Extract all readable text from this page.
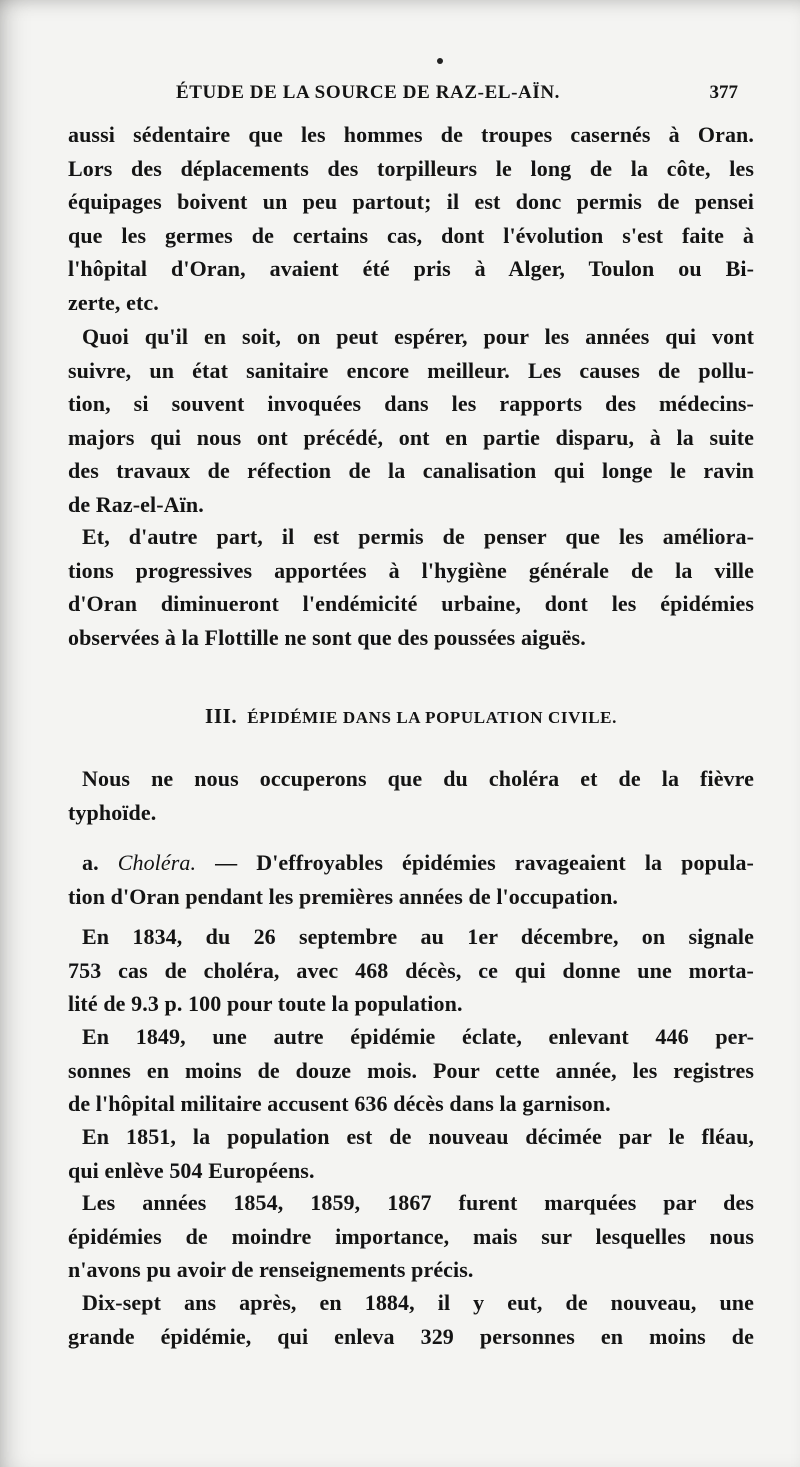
ÉTUDE DE LA SOURCE DE RAZ-EL-AÏN.	377
aussi sédentaire que les hommes de troupes casernés à Oran.
Lors des déplacements des torpilleurs le long de la côte, les
équipages boivent un peu partout; il est donc permis de pensei
que les germes de certains cas, dont l'évolution s'est faite à
l'hôpital d'Oran, avaient été pris à Alger, Toulon ou Bi-
zerte, etc.
Quoi qu'il en soit, on peut espérer, pour les années qui vont
suivre, un état sanitaire encore meilleur. Les causes de pollu-
tion, si souvent invoquées dans les rapports des médecins-
majors qui nous ont précédé, ont en partie disparu, à la suite
des travaux de réfection de la canalisation qui longe le ravin
de Raz-el-Aïn.
Et, d'autre part, il est permis de penser que les améliora-
tions progressives apportées à l'hygiène générale de la ville
d'Oran diminueront l'endémicité urbaine, dont les épidémies
observées à la Flottille ne sont que des poussées aiguës.
III. ÉPIDÉMIE DANS LA POPULATION CIVILE.
Nous ne nous occuperons que du choléra et de la fièvre
typhoïde.
a. Choléra. — D'effroyables épidémies ravageaient la popula-
tion d'Oran pendant les premières années de l'occupation.
En 1834, du 26 septembre au 1er décembre, on signale
753 cas de choléra, avec 468 décès, ce qui donne une morta-
lité de 9.3 p. 100 pour toute la population.
En 1849, une autre épidémie éclate, enlevant 446 per-
sonnes en moins de douze mois. Pour cette année, les registres
de l'hôpital militaire accusent 636 décès dans la garnison.
En 1851, la population est de nouveau décimée par le fléau,
qui enlève 504 Européens.
Les années 1854, 1859, 1867 furent marquées par des
épidémies de moindre importance, mais sur lesquelles nous
n'avons pu avoir de renseignements précis.
Dix-sept ans après, en 1884, il y eut, de nouveau, une
grande épidémie, qui enleva 329 personnes en moins de
